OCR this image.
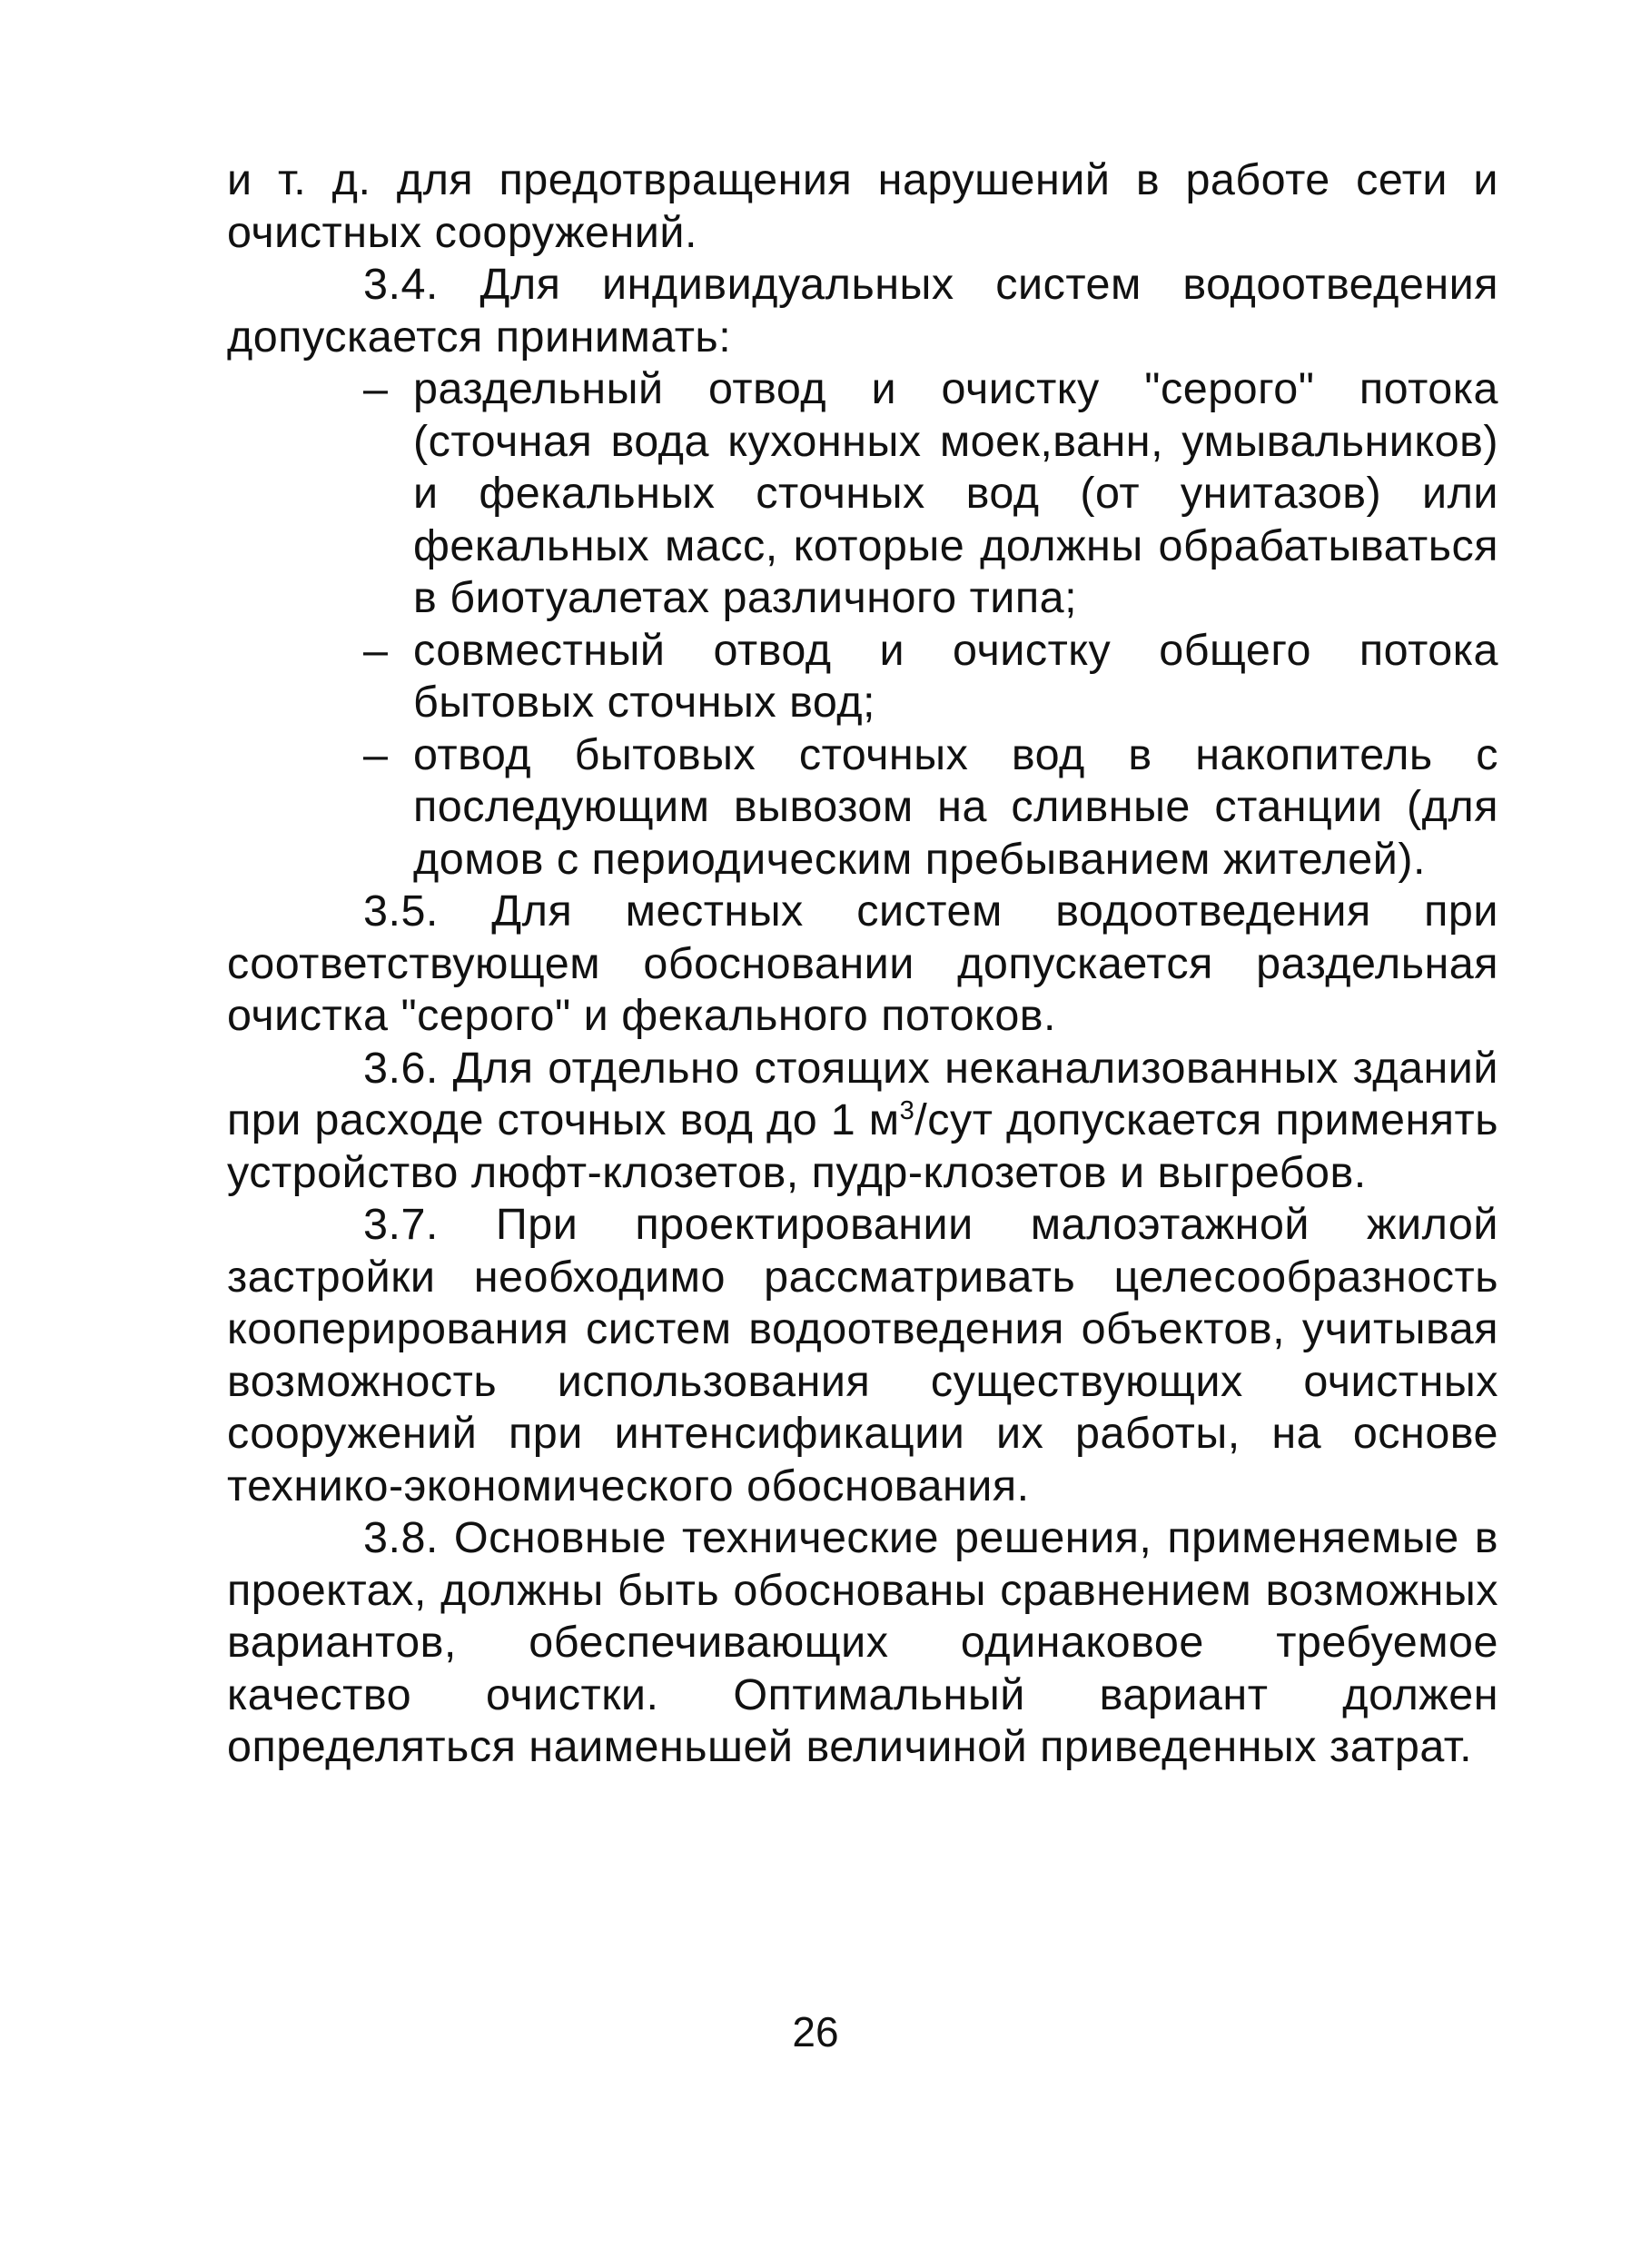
и т. д. для предотвращения нарушений в работе сети и очистных сооружений.

3.4. Для индивидуальных систем водоотведения допускается принимать:

– раздельный отвод и очистку "серого" потока (сточная вода кухонных моек,ванн, умывальников) и фекальных сточных вод (от унитазов) или фекальных масс, которые должны обрабатываться в биотуалетах различного типа;
– совместный отвод и очистку общего потока бытовых сточных вод;
– отвод бытовых сточных вод в накопитель с последующим вывозом на сливные станции (для домов с периодическим пребыванием жителей).

3.5. Для местных систем водоотведения при соответствующем обосновании допускается раздельная очистка "серого" и фекального потоков.

3.6. Для отдельно стоящих неканализованных зданий при расходе сточных вод до 1 $м^3$/сут допускается применять устройство люфт-клозетов, пудр-клозетов и выгребов.

3.7. При проектировании малоэтажной жилой застройки необходимо рассматривать целесообразность кооперирования систем водоотведения объектов, учитывая возможность использования существующих очистных сооружений при интенсификации их работы, на основе технико-экономического обоснования.

3.8. Основные технические решения, применяемые в проектах, должны быть обоснованы сравнением возможных вариантов, обеспечивающих одинаковое требуемое качество очистки. Оптимальный вариант должен определяться наименьшей величиной приведенных затрат.

26
